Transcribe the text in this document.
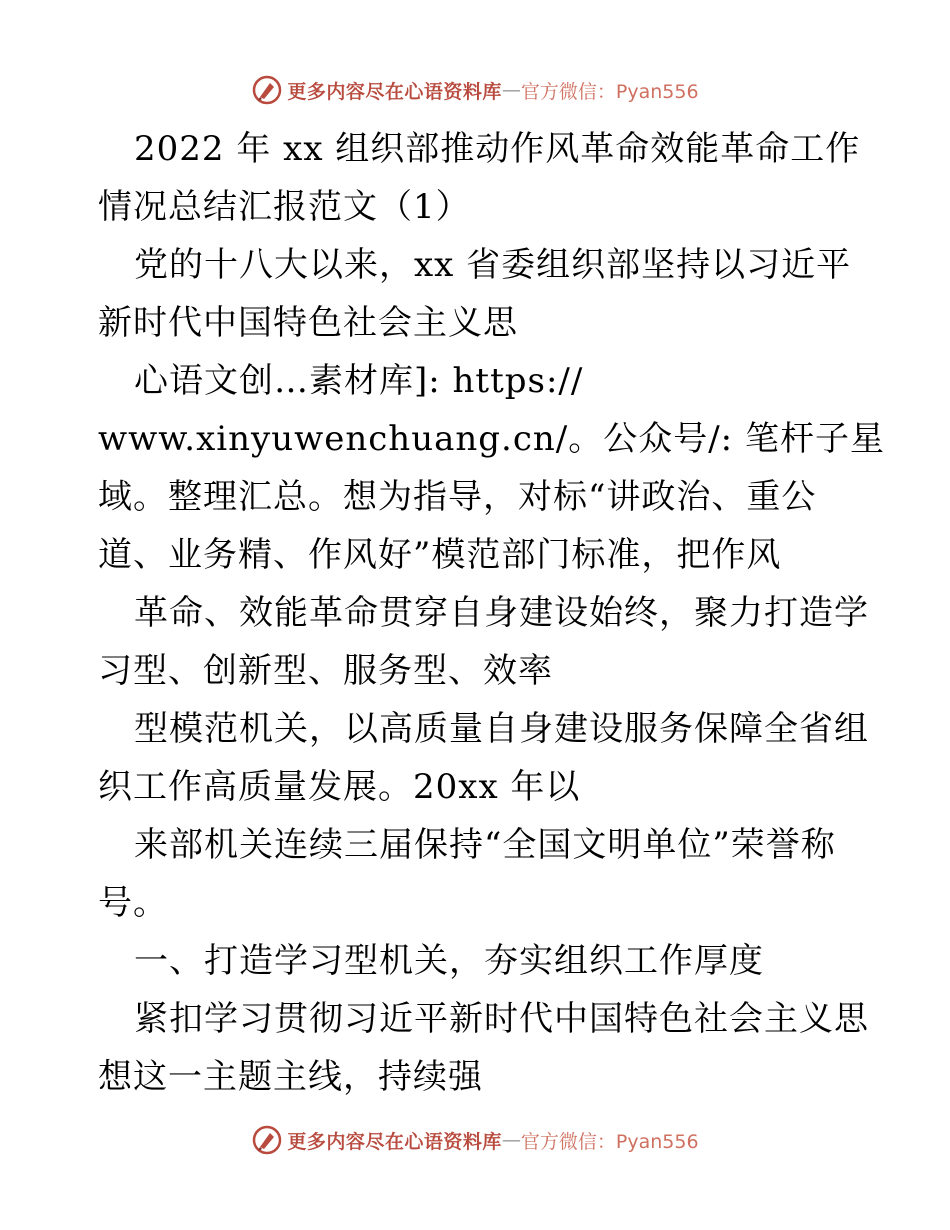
更多内容尽在心语资料库 — 官方微信：Pyan556
2022 年 xx 组织部推动作风革命效能革命工作
情况总结汇报范文（1）
党的十八大以来，xx 省委组织部坚持以习近平
新时代中国特色社会主义思
心语文创…素材库]: https://
www.xinyuwenchuang.cn/。公众号/: 笔杆子星
域。整理汇总。想为指导，对标“讲政治、重公
道、业务精、作风好”模范部门标准，把作风
革命、效能革命贯穿自身建设始终，聚力打造学
习型、创新型、服务型、效率
型模范机关，以高质量自身建设服务保障全省组
织工作高质量发展。20xx 年以
来部机关连续三届保持“全国文明单位”荣誉称
号。
一、打造学习型机关，夯实组织工作厚度
紧扣学习贯彻习近平新时代中国特色社会主义思
想这一主题主线，持续强
更多内容尽在心语资料库 — 官方微信：Pyan556
